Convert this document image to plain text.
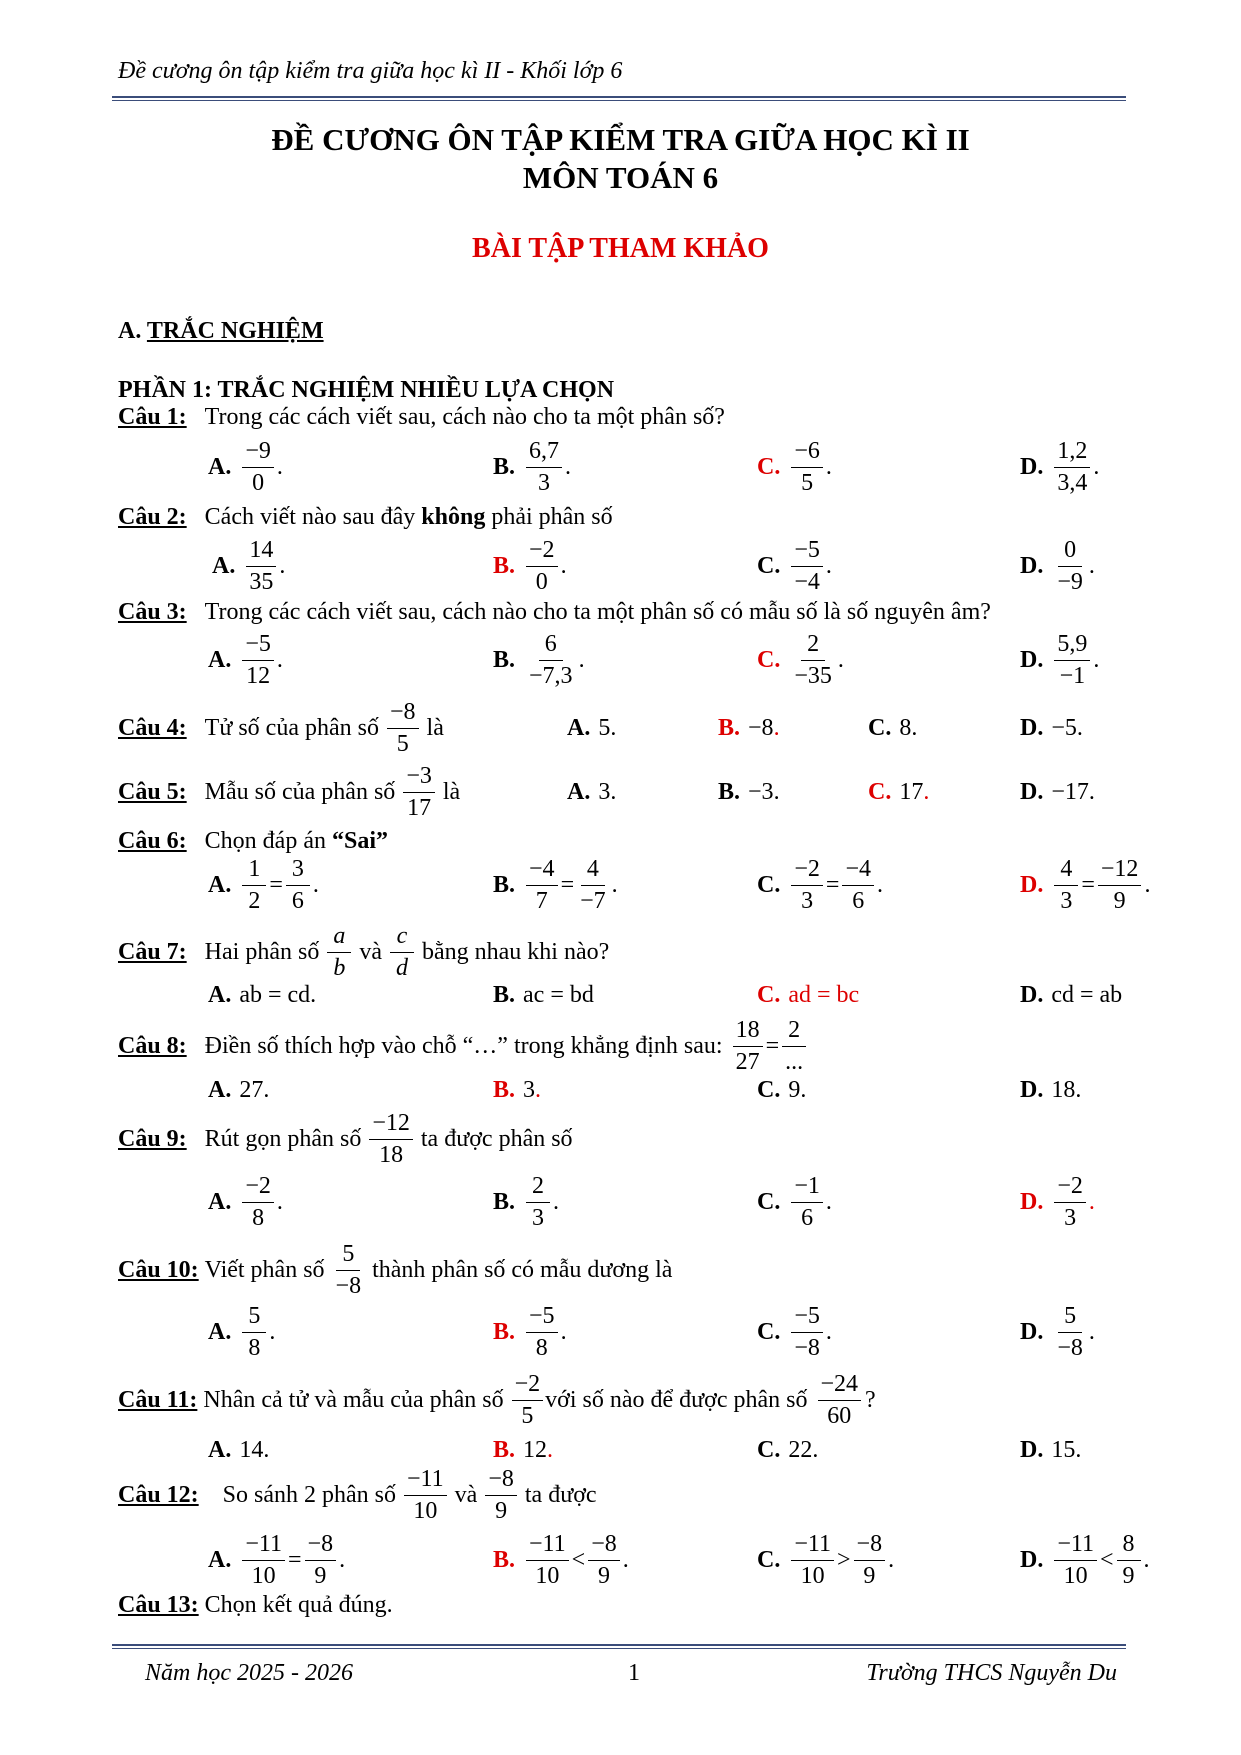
Đề cương ôn tập kiểm tra giữa học kì II - Khối lớp 6
ĐỀ CƯƠNG ÔN TẬP KIỂM TRA GIỮA HỌC KÌ II
MÔN TOÁN 6
BÀI TẬP THAM KHẢO
A. TRẮC NGHIỆM
PHẦN 1: TRẮC NGHIỆM NHIỀU LỰA CHỌN
Câu 1: Trong các cách viết sau, cách nào cho ta một phân số?
A. $\frac{-9}{0}$ .	B. $\frac{6,7}{3}$ .	C. $\frac{-6}{5}$ .	D. $\frac{1,2}{3,4}$ .
Câu 2: Cách viết nào sau đây
không
phải phân số
A. $\frac{14}{35}$ .	B. $\frac{-2}{0}$ .	C. $\frac{-5}{-4}$ .	D. $\frac{0}{-9}$ .
Câu 3: Trong các cách viết sau, cách nào cho ta một phân số có mẫu số là số nguyên âm?
A. $\frac{-5}{12}$ .	B. $\frac{6}{-7,3}$ .	C. $\frac{2}{-35}$ .	D. $\frac{5,9}{-1}$ .
Câu 4: Tử số của phân số $\frac{-8}{5}$ là	A. 5 .	B. −8 .	C. 8 .	D. −5 .
Câu 5: Mẫu số của phân số $\frac{-3}{17}$ là	A. 3 .	B. −3 .	C. 17 .	D. −17 .
Câu 6: Chọn đáp án
“Sai”
A. $\frac{1}{2} = \frac{3}{6}$ .	B. $\frac{-4}{7} = \frac{4}{-7}$ .	C. $\frac{-2}{3} = \frac{-4}{6}$ .	D. $\frac{4}{3} = \frac{-12}{9}$ .
Câu 7: Hai phân số $\frac{a}{b}$ và $\frac{c}{d}$ bằng nhau khi nào?
A. ab = cd.	B. ac = bd	C. ad = bc	D. cd = ab
Câu 8: Điền số thích hợp vào chỗ “…” trong khẳng định sau: $\frac{18}{27} = \frac{2}{...}$
A. 27 .	B. 3 .	C. 9 .	D. 18 .
Câu 9: Rút gọn phân số $\frac{-12}{18}$ ta được phân số
A. $\frac{-2}{8}$ .	B. $\frac{2}{3}$ .	C. $\frac{-1}{6}$ .	D. $\frac{-2}{3}$ .
Câu 10: Viết phân số $\frac{5}{-8}$ thành phân số có mẫu dương là
A. $\frac{5}{8}$ .	B. $\frac{-5}{8}$ .	C. $\frac{-5}{-8}$ .	D. $\frac{5}{-8}$ .
Câu 11: Nhân cả tử và mẫu của phân số $\frac{-2}{5}$ với số nào để được phân số $\frac{-24}{60}$ ?
A. 14 .	B. 12 .	C. 22 .	D. 15 .
Câu 12: So sánh 2 phân số $\frac{-11}{10}$ và $\frac{-8}{9}$ ta được
A. $\frac{-11}{10} = \frac{-8}{9}$ .	B. $\frac{-11}{10} < \frac{-8}{9}$ .	C. $\frac{-11}{10} > \frac{-8}{9}$ .	D. $\frac{-11}{10} < \frac{8}{9}$ .
Câu 13: Chọn kết quả đúng.
Năm học 2025 - 2026	1	Trường THCS Nguyễn Du
